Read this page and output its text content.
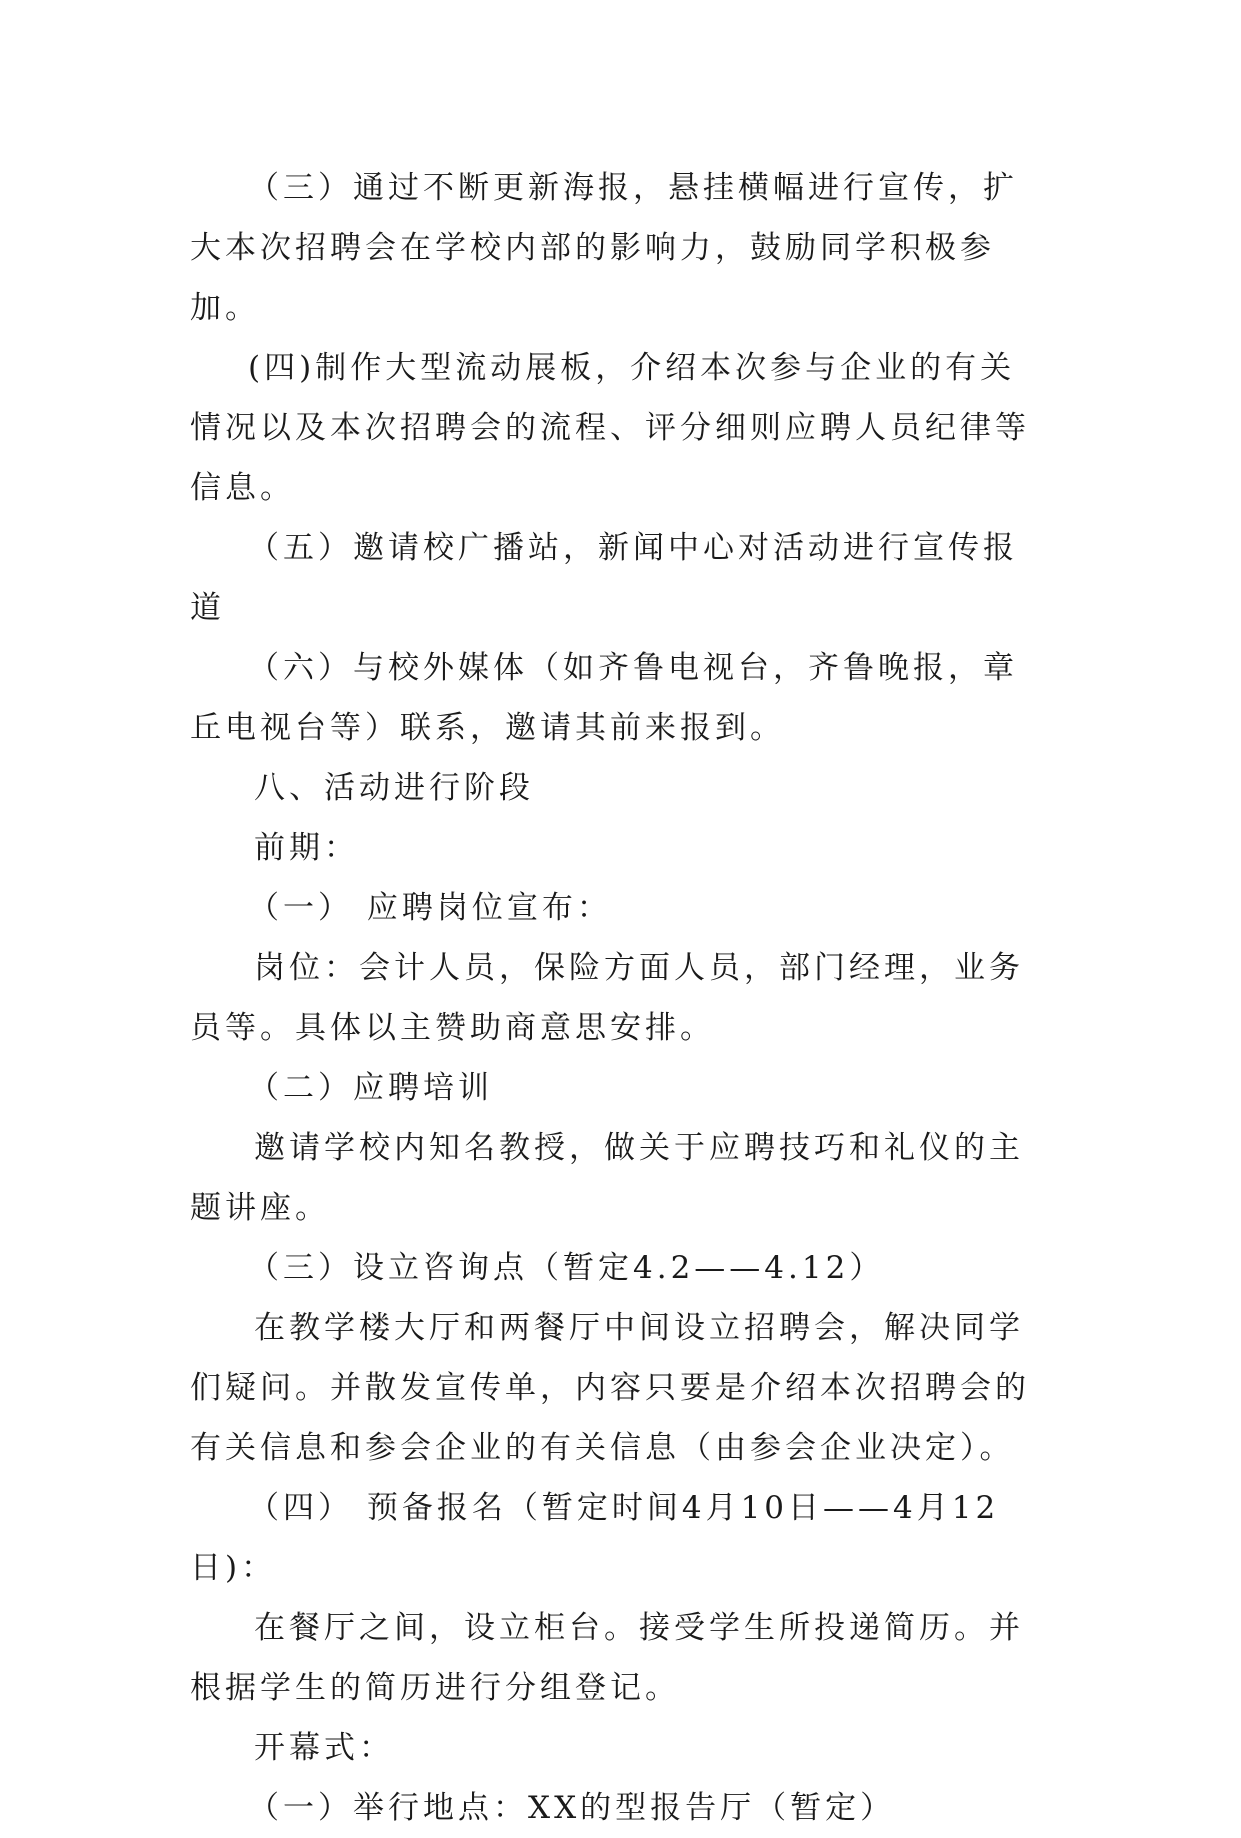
（三）通过不断更新海报，悬挂横幅进行宣传，扩大本次招聘会在学校内部的影响力，鼓励同学积极参加。

(四)制作大型流动展板，介绍本次参与企业的有关情况以及本次招聘会的流程、评分细则应聘人员纪律等信息。

（五）邀请校广播站，新闻中心对活动进行宣传报道

（六）与校外媒体（如齐鲁电视台，齐鲁晚报，章丘电视台等）联系，邀请其前来报到。

八、活动进行阶段

前期：

（一） 应聘岗位宣布：

岗位：会计人员，保险方面人员，部门经理，业务员等。具体以主赞助商意思安排。

（二）应聘培训

邀请学校内知名教授，做关于应聘技巧和礼仪的主题讲座。

（三）设立咨询点（暂定4.2——4.12）

在教学楼大厅和两餐厅中间设立招聘会，解决同学们疑问。并散发宣传单，内容只要是介绍本次招聘会的有关信息和参会企业的有关信息（由参会企业决定）。

（四） 预备报名（暂定时间4月10日——4月12日)：

在餐厅之间，设立柜台。接受学生所投递简历。并根据学生的简历进行分组登记。

开幕式：

（一）举行地点：XX的型报告厅（暂定）
